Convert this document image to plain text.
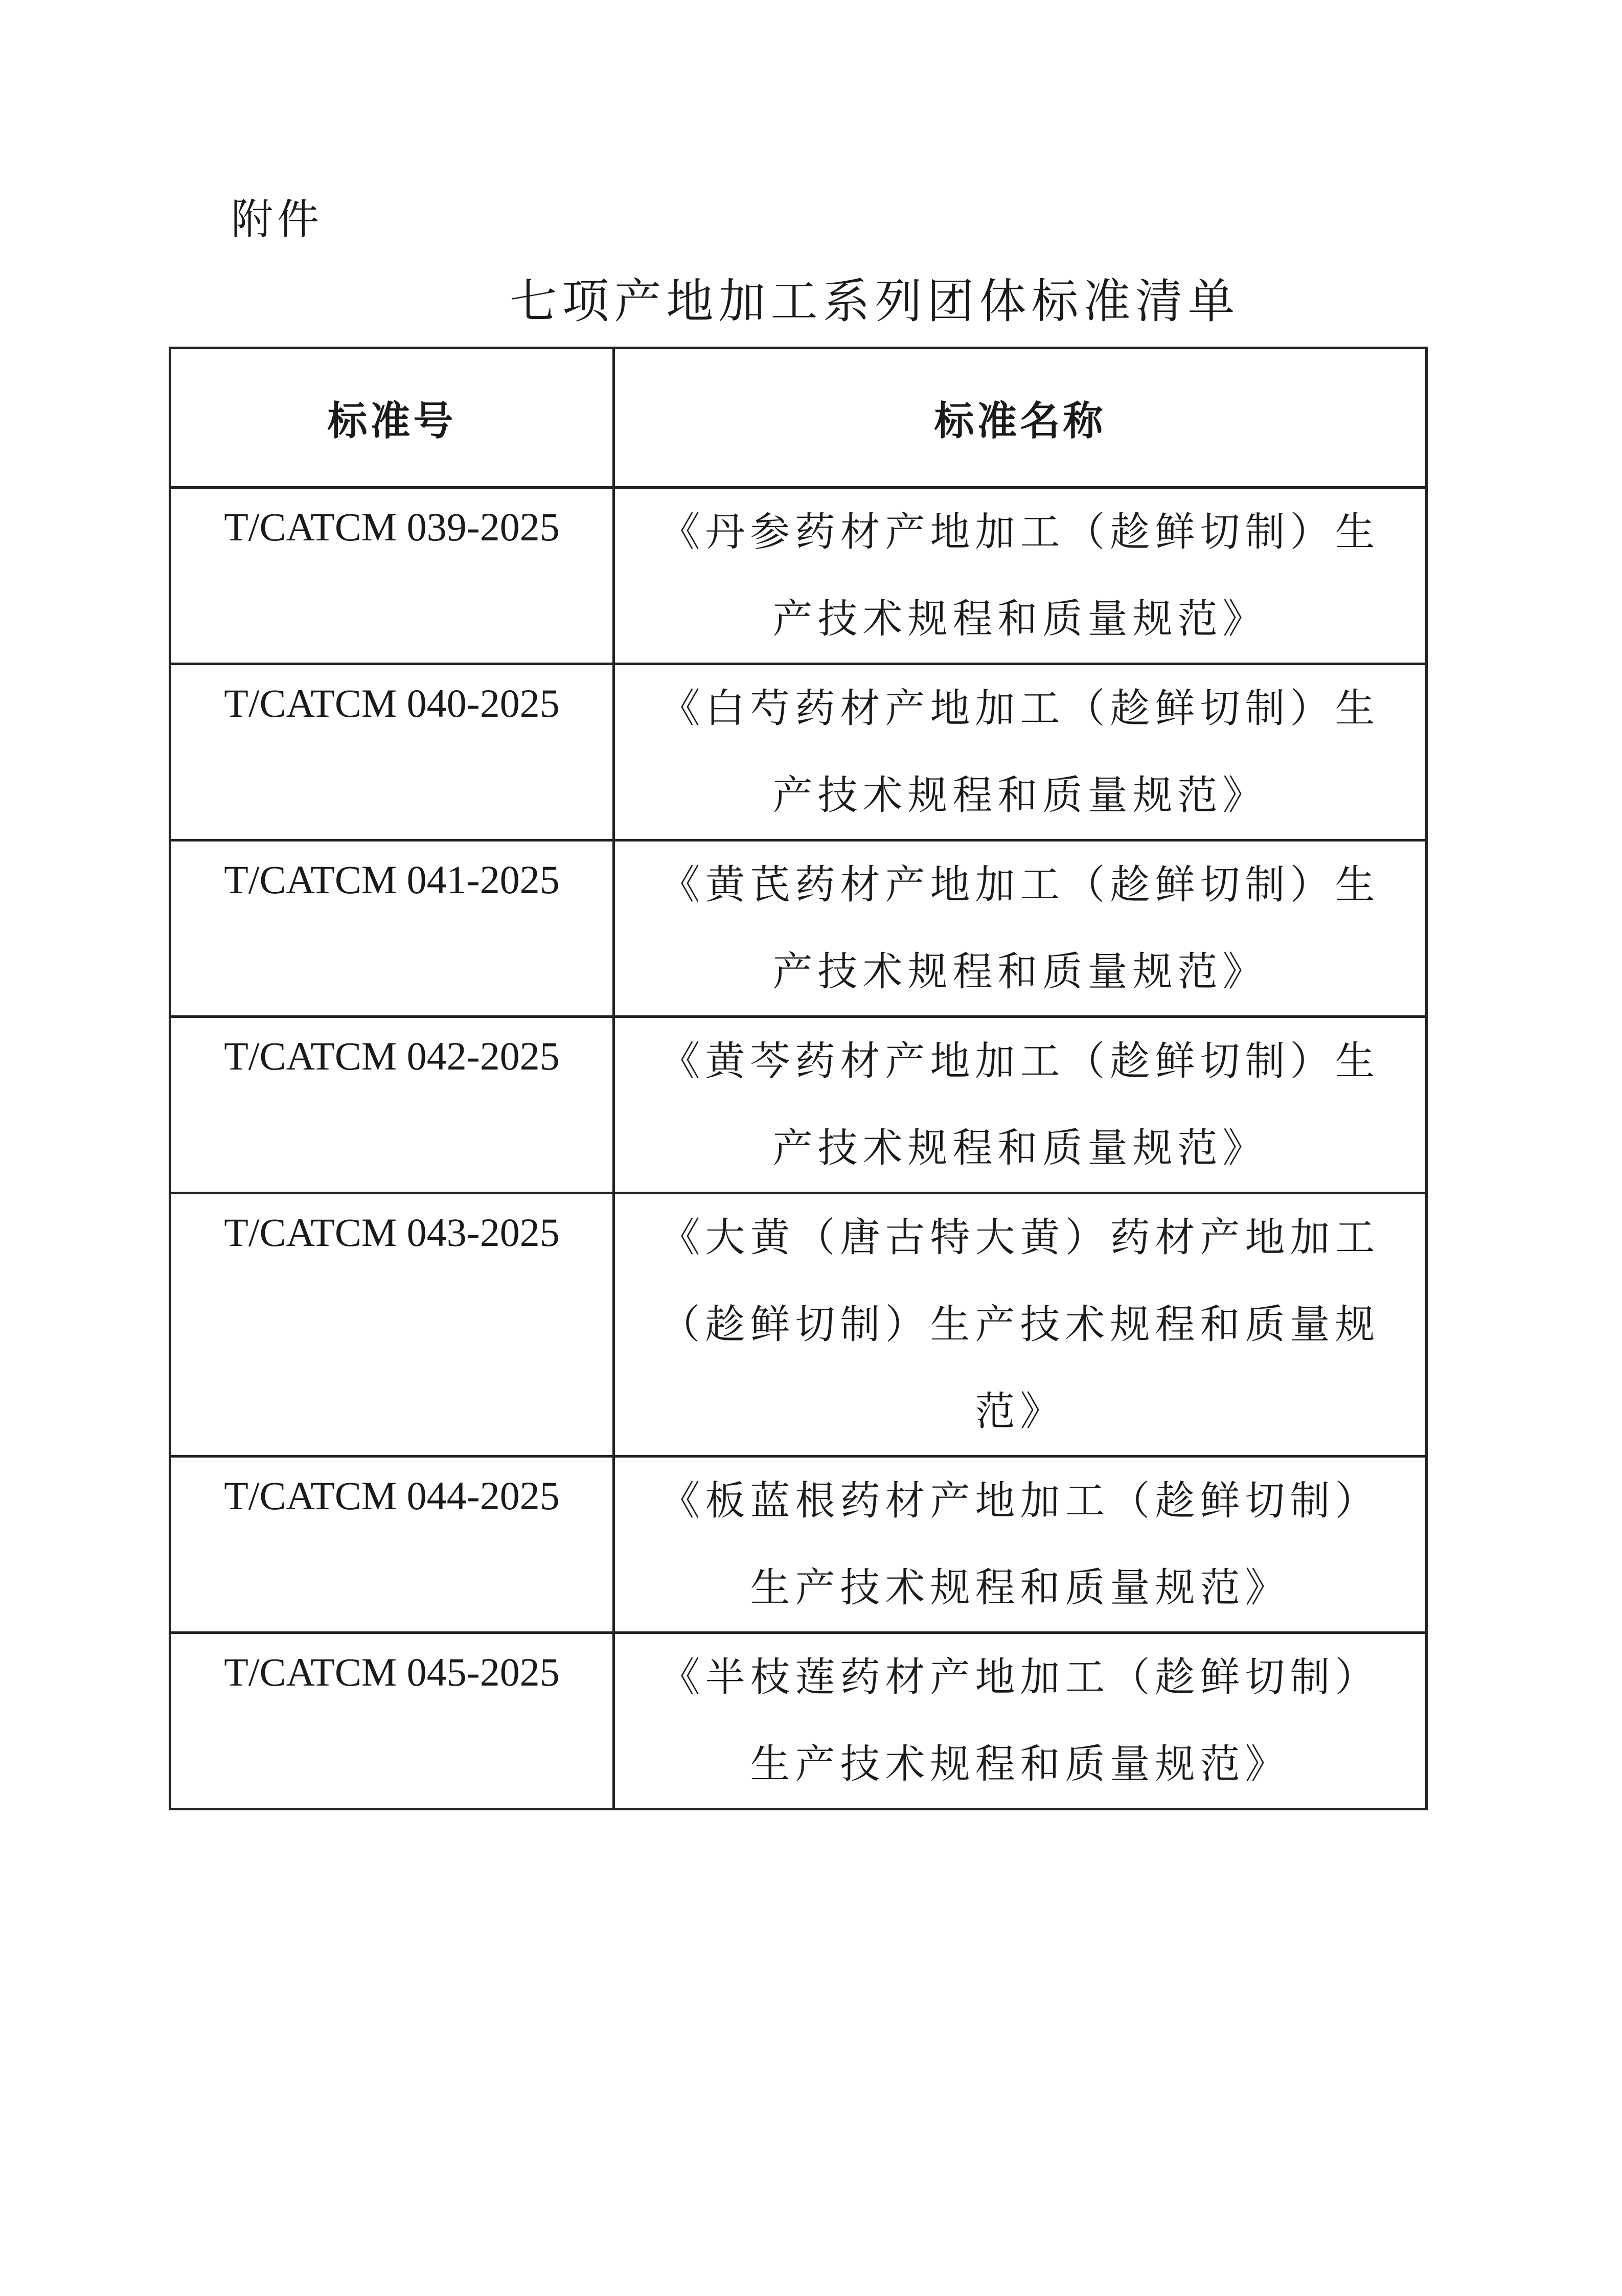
附件
七项产地加工系列团体标准清单
标准号	标准名称
T/CATCM 039-2025	《丹参药材产地加工（趁鲜切制）生产技术规程和质量规范》
T/CATCM 040-2025	《白芍药材产地加工（趁鲜切制）生产技术规程和质量规范》
T/CATCM 041-2025	《黄芪药材产地加工（趁鲜切制）生产技术规程和质量规范》
T/CATCM 042-2025	《黄芩药材产地加工（趁鲜切制）生产技术规程和质量规范》
T/CATCM 043-2025	《大黄（唐古特大黄）药材产地加工（趁鲜切制）生产技术规程和质量规范》
T/CATCM 044-2025	《板蓝根药材产地加工（趁鲜切制）生产技术规程和质量规范》
T/CATCM 045-2025	《半枝莲药材产地加工（趁鲜切制）生产技术规程和质量规范》
